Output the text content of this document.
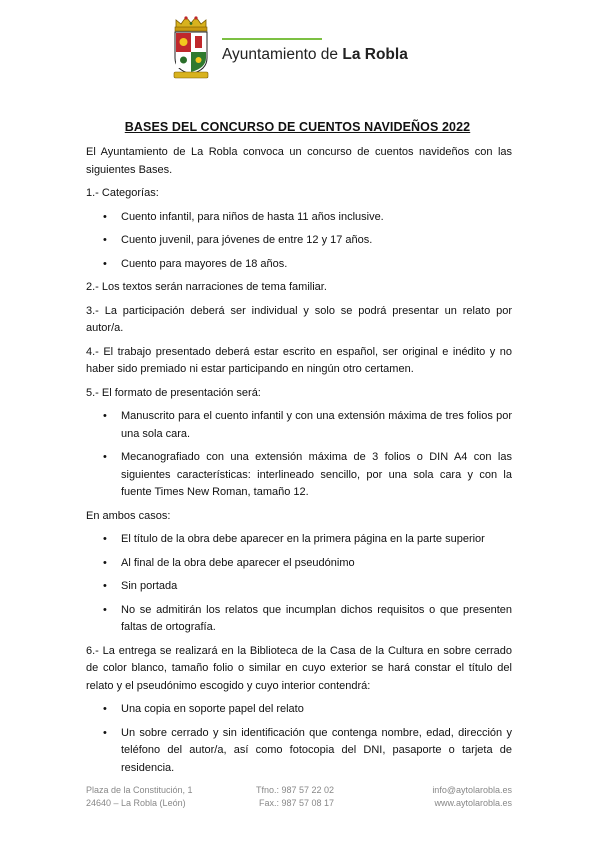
Ayuntamiento de La Robla
BASES DEL CONCURSO DE CUENTOS NAVIDEÑOS 2022

El Ayuntamiento de La Robla convoca un concurso de cuentos navideños con las siguientes Bases.

1.- Categorías:

• Cuento infantil, para niños de hasta 11 años inclusive.
• Cuento juvenil, para jóvenes de entre 12 y 17 años.
• Cuento para mayores de 18 años.

2.- Los textos serán narraciones de tema familiar.

3.- La participación deberá ser individual y solo se podrá presentar un relato por autor/a.

4.- El trabajo presentado deberá estar escrito en español, ser original e inédito y no haber sido premiado ni estar participando en ningún otro certamen.

5.- El formato de presentación será:

• Manuscrito para el cuento infantil y con una extensión máxima de tres folios por una sola cara.
• Mecanografiado con una extensión máxima de 3 folios o DIN A4 con las siguientes características: interlineado sencillo, por una sola cara y con la fuente Times New Roman, tamaño 12.

En ambos casos:

• El título de la obra debe aparecer en la primera página en la parte superior
• Al final de la obra debe aparecer el pseudónimo
• Sin portada
• No se admitirán los relatos que incumplan dichos requisitos o que presenten faltas de ortografía.

6.- La entrega se realizará en la Biblioteca de la Casa de la Cultura en sobre cerrado de color blanco, tamaño folio o similar en cuyo exterior se hará constar el título del relato y el pseudónimo escogido y cuyo interior contendrá:

• Una copia en soporte papel del relato
• Un sobre cerrado y sin identificación que contenga nombre, edad, dirección y teléfono del autor/a, así como fotocopia del DNI, pasaporte o tarjeta de residencia.
Plaza de la Constitución, 1
24640 – La Robla (León)
Tfno.: 987 57 22 02
Fax.: 987 57 08 17
info@aytolarobla.es
www.aytolarobla.es
